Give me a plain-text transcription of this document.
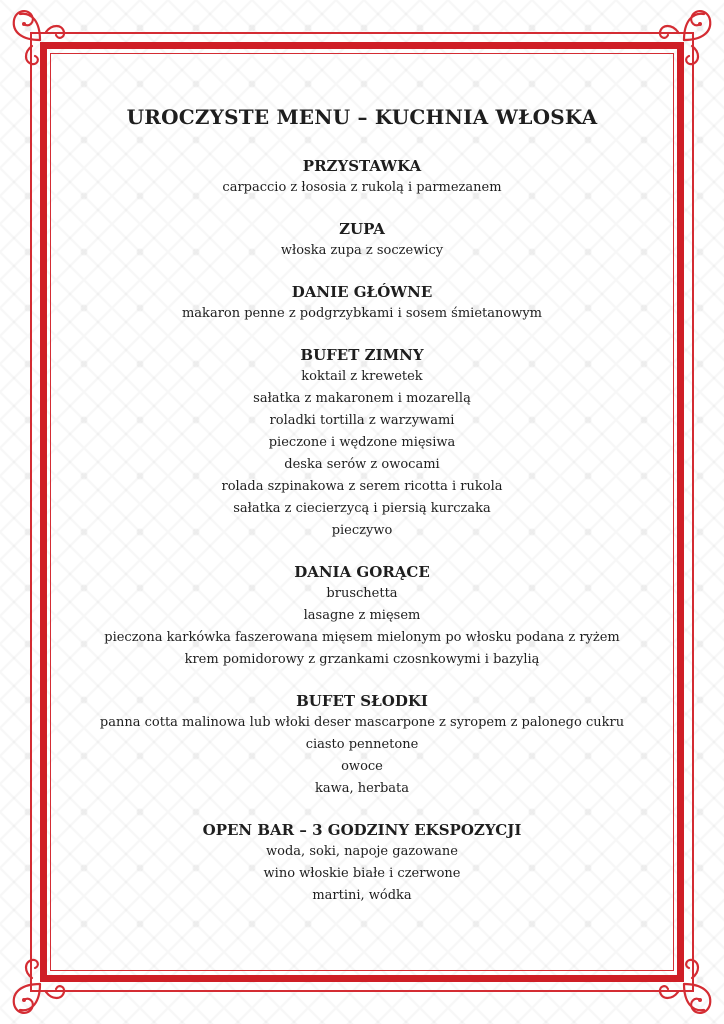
UROCZYSTE MENU – KUCHNIA WŁOSKA
PRZYSTAWKA

carpaccio z łososia z rukolą i parmezanem

ZUPA

włoska zupa z soczewicy

DANIE GŁÓWNE

makaron penne z podgrzybkami i sosem śmietanowym

BUFET ZIMNY

koktail z krewetek

sałatka z makaronem i mozarellą

roladki tortilla z warzywami

pieczone i wędzone mięsiwa

deska serów z owocami

rolada szpinakowa z serem ricotta i rukola

sałatka z ciecierzycą i piersią kurczaka

pieczywo

DANIA GORĄCE

bruschetta

lasagne z mięsem

pieczona karkówka faszerowana mięsem mielonym po włosku podana z ryżem

krem pomidorowy z grzankami czosnkowymi i bazylią

BUFET SŁODKI

panna cotta malinowa lub włoki deser mascarpone z syropem z palonego cukru

ciasto pennetone

owoce

kawa, herbata

OPEN BAR – 3 GODZINY EKSPOZYCJI

woda, soki, napoje gazowane

wino włoskie białe i czerwone

martini, wódka
